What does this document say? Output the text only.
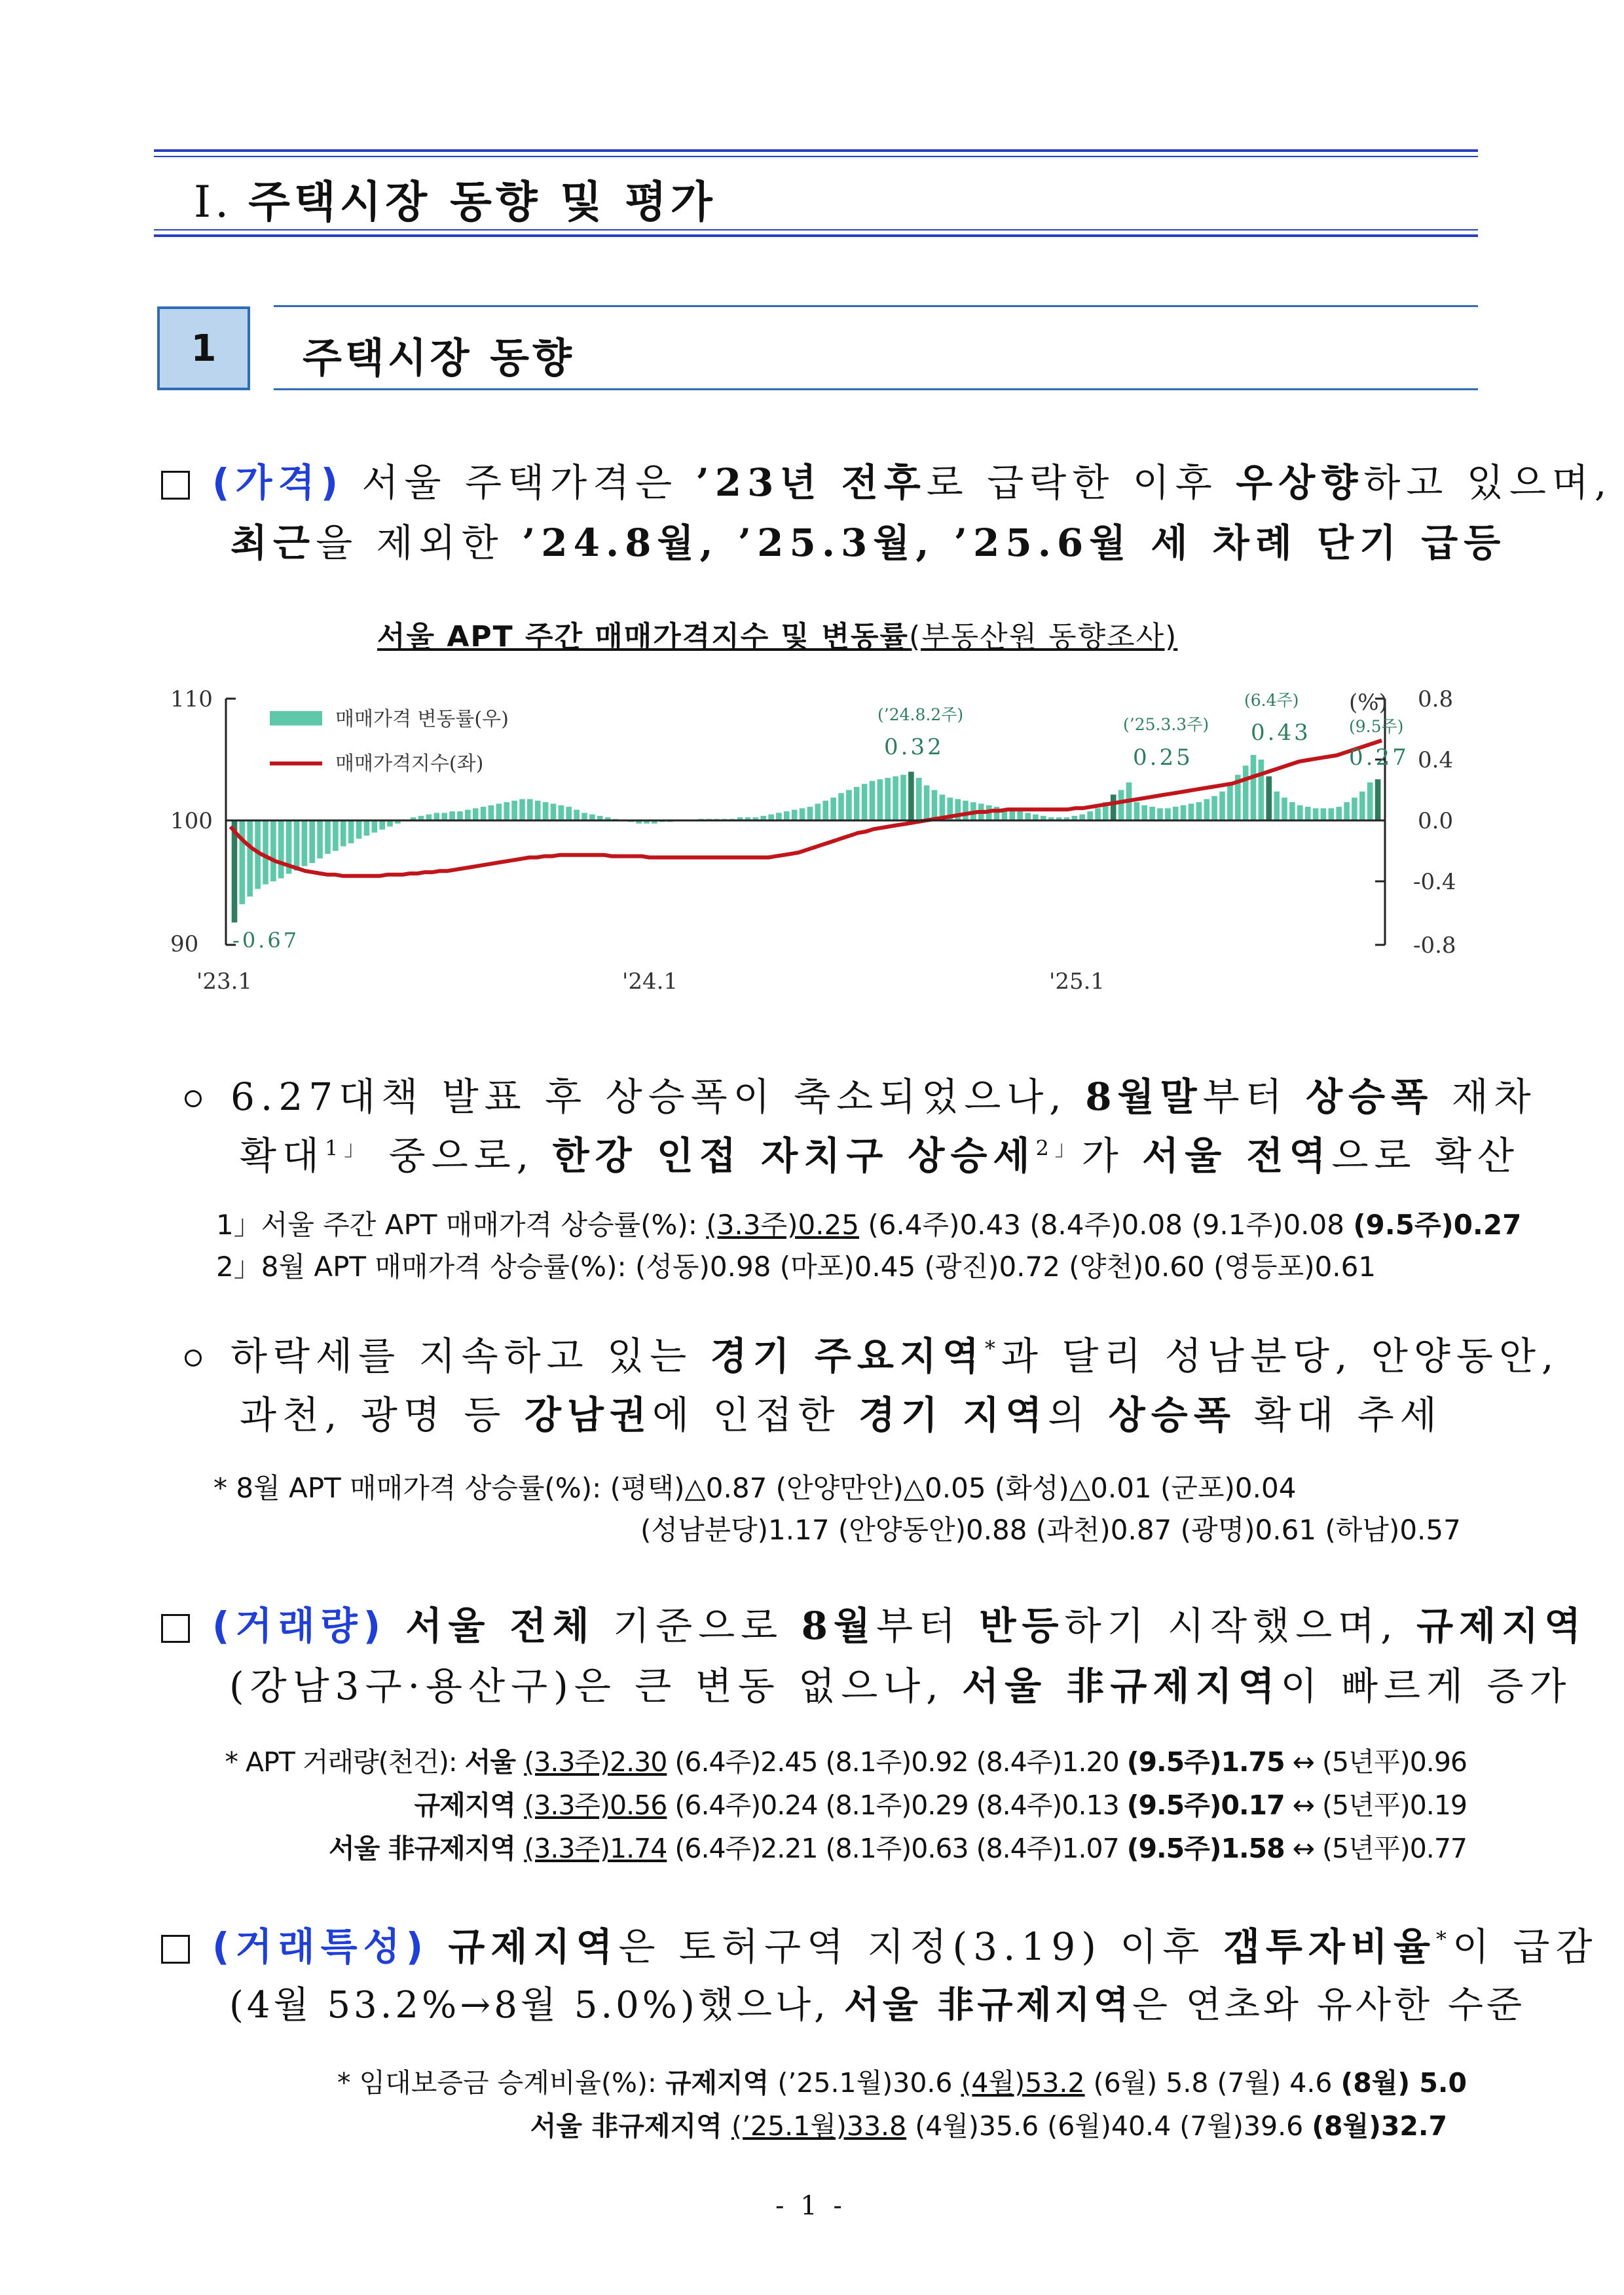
Ⅰ. 주택시장 동향 및 평가
1 주택시장 동향
(가격) 서울 주택가격은 ’23년 전후로 급락한 이후 우상향하고 있으며,
최근을 제외한 ’24.8월, ’25.3월, ’25.6월 세 차례 단기 급등
서울 APT 주간 매매가격지수 및 변동률(부동산원 동향조사)
110
100
90
0.8
0.4
0.0
-0.4
-0.8
'23.1	'24.1	'25.1
(%)
매매가격 변동률(우)
매매가격지수(좌)
(’24.8.2주)
0.32
(’25.3.3주)
0.25
(6.4주)
0.43 (9.5주)
0.27
-0.67
6.27대책 발표 후 상승폭이 축소되었으나, 8월말부터 상승폭 재차
확대$^{1」}$ 중으로, 한강 인접 자치구 상승세$^{2」}$가 서울 전역으로 확산
1」서울 주간 APT 매매가격 상승률(%): (3.3주)0.25 (6.4주)0.43 (8.4주)0.08 (9.1주)0.08 (9.5주)0.27
2」8월 APT 매매가격 상승률(%): (성동)0.98 (마포)0.45 (광진)0.72 (양천)0.60 (영등포)0.61
하락세를 지속하고 있는 경기 주요지역*과 달리 성남분당, 안양동안,
과천, 광명 등 강남권에 인접한 경기 지역의 상승폭 확대 추세
* 8월 APT 매매가격 상승률(%): (평택)△0.87 (안양만안)△0.05 (화성)△0.01 (군포)0.04
(성남분당)1.17 (안양동안)0.88 (과천)0.87 (광명)0.61 (하남)0.57
(거래량) 서울 전체 기준으로 8월부터 반등하기 시작했으며, 규제지역
(강남3구·용산구)은 큰 변동 없으나, 서울 非규제지역이 빠르게 증가
* APT 거래량(천건): 서울 (3.3주)2.30 (6.4주)2.45 (8.1주)0.92 (8.4주)1.20 (9.5주)1.75 ↔ (5년平)0.96
규제지역 (3.3주)0.56 (6.4주)0.24 (8.1주)0.29 (8.4주)0.13 (9.5주)0.17 ↔ (5년平)0.19
서울 非규제지역 (3.3주)1.74 (6.4주)2.21 (8.1주)0.63 (8.4주)1.07 (9.5주)1.58 ↔ (5년平)0.77
(거래특성) 규제지역은 토허구역 지정(3.19) 이후 갭투자비율*이 급감
(4월 53.2%→8월 5.0%)했으나, 서울 非규제지역은 연초와 유사한 수준
* 임대보증금 승계비율(%): 규제지역 (’25.1월)30.6 (4월)53.2 (6월) 5.8 (7월) 4.6 (8월) 5.0
서울 非규제지역 (’25.1월)33.8 (4월)35.6 (6월)40.4 (7월)39.6 (8월)32.7
- 1 -
